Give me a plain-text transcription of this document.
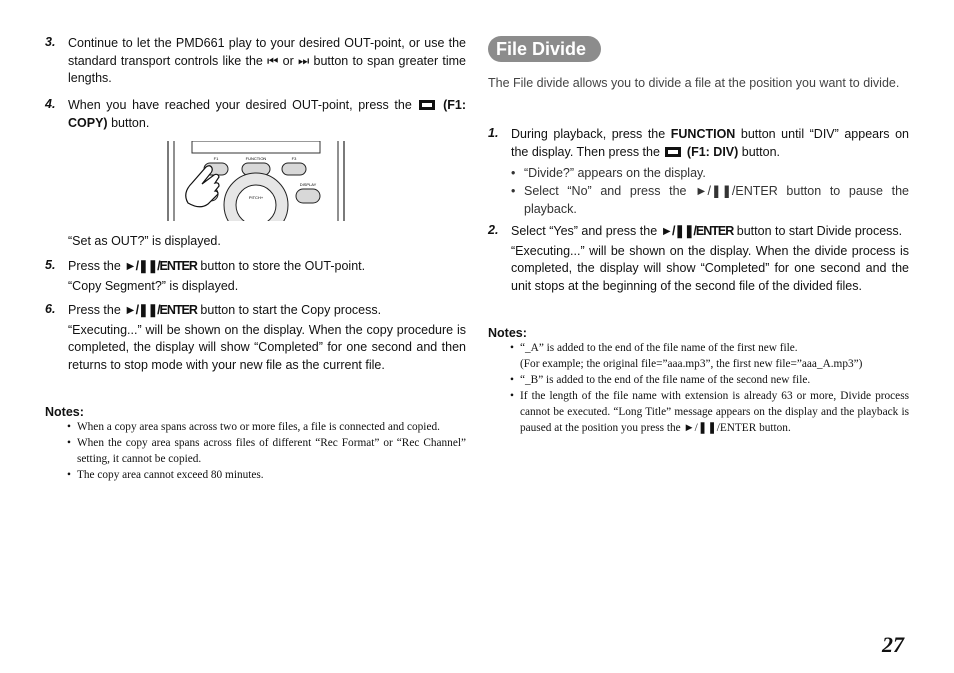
3. Continue to let the PMD661 play to your desired OUT-point, or use the standard transport controls like the ⏮ or ⏭ button to span greater time lengths.
4. When you have reached your desired OUT-point, press the	(F1: COPY) button.
F1	FUNCTION	F3
PITCH+
DISPLAY
“Set as OUT?” is displayed.
5. Press the ►/❚❚/ENTER button to store the OUT-point.
“Copy Segment?” is displayed.
6. Press the ►/❚❚/ENTER button to start the Copy process.
“Executing...” will be shown on the display. When the copy procedure is completed, the display will show “Completed” for one second and then returns to stop mode with your new file as the current file.
Notes:
• When a copy area spans across two or more files, a file is connected and copied.
• When the copy area spans across files of different “Rec Format” or “Rec Channel” setting, it cannot be copied.
• The copy area cannot exceed 80 minutes.
File Divide
The File divide allows you to divide a file at the position you want to divide.
1. During playback, press the FUNCTION button until “DIV” appears on the display. Then press the (F1: DIV) button.
• “Divide?” appears on the display.
• Select “No” and press the ►/❚❚/ENTER button to pause the playback.
2. Select “Yes” and press the ►/❚❚/ENTER button to start Divide process.
“Executing...” will be shown on the display. When the divide process is completed, the display will show “Completed” for one second and the unit stops at the beginning of the second file of the divided files.
Notes:
• “_A” is added to the end of the file name of the first new file.
(For example; the original file=”aaa.mp3”, the first new file=”aaa_A.mp3”)
• “_B” is added to the end of the file name of the second new file.
• If the length of the file name with extension is already 63 or more, Divide process cannot be executed. “Long Title” message appears on the display and the playback is paused at the position you press the ►/❚❚/ENTER button.
27
